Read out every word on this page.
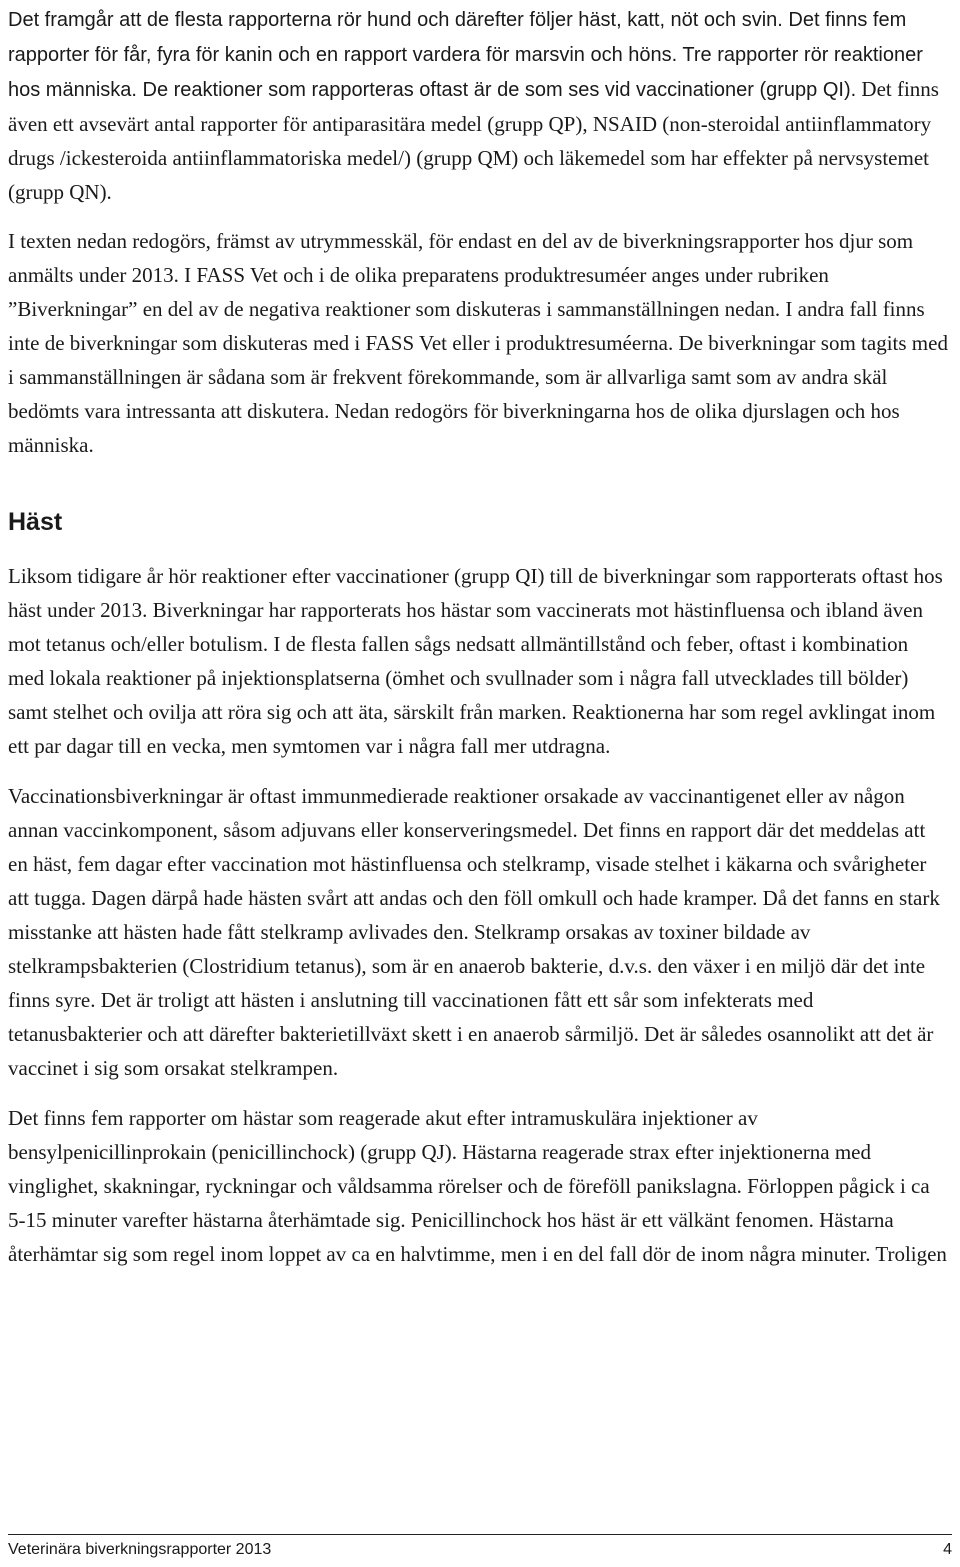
Det framgår att de flesta rapporterna rör hund och därefter följer häst, katt, nöt och svin. Det finns fem rapporter för får, fyra för kanin och en rapport vardera för marsvin och höns. Tre rapporter rör reaktioner hos människa. De reaktioner som rapporteras oftast är de som ses vid vaccinationer (grupp QI). Det finns även ett avsevärt antal rapporter för antiparasitära medel (grupp QP), NSAID (non-steroidal antiinflammatory drugs /ickesteroida antiinflammatoriska medel/) (grupp QM) och läkemedel som har effekter på nervsystemet (grupp QN).

I texten nedan redogörs, främst av utrymmesskäl, för endast en del av de biverkningsrapporter hos djur som anmälts under 2013. I FASS Vet och i de olika preparatens produktresuméer anges under rubriken ”Biverkningar” en del av de negativa reaktioner som diskuteras i sammanställningen nedan. I andra fall finns inte de biverkningar som diskuteras med i FASS Vet eller i produktresuméerna. De biverkningar som tagits med i sammanställningen är sådana som är frekvent förekommande, som är allvarliga samt som av andra skäl bedömts vara intressanta att diskutera. Nedan redogörs för biverkningarna hos de olika djurslagen och hos människa.

Häst

Liksom tidigare år hör reaktioner efter vaccinationer (grupp QI) till de biverkningar som rapporterats oftast hos häst under 2013. Biverkningar har rapporterats hos hästar som vaccinerats mot hästinfluensa och ibland även mot tetanus och/eller botulism. I de flesta fallen sågs nedsatt allmäntillstånd och feber, oftast i kombination med lokala reaktioner på injektionsplatserna (ömhet och svullnader som i några fall utvecklades till bölder) samt stelhet och ovilja att röra sig och att äta, särskilt från marken. Reaktionerna har som regel avklingat inom ett par dagar till en vecka, men symtomen var i några fall mer utdragna.

Vaccinationsbiverkningar är oftast immunmedierade reaktioner orsakade av vaccinantigenet eller av någon annan vaccinkomponent, såsom adjuvans eller konserveringsmedel. Det finns en rapport där det meddelas att en häst, fem dagar efter vaccination mot hästinfluensa och stelkramp, visade stelhet i käkarna och svårigheter att tugga. Dagen därpå hade hästen svårt att andas och den föll omkull och hade kramper. Då det fanns en stark misstanke att hästen hade fått stelkramp avlivades den. Stelkramp orsakas av toxiner bildade av stelkrampsbakterien (Clostridium tetanus), som är en anaerob bakterie, d.v.s. den växer i en miljö där det inte finns syre. Det är troligt att hästen i anslutning till vaccinationen fått ett sår som infekterats med tetanusbakterier och att därefter bakterietillväxt skett i en anaerob sårmiljö. Det är således osannolikt att det är vaccinet i sig som orsakat stelkrampen.

Det finns fem rapporter om hästar som reagerade akut efter intramuskulära injektioner av bensylpenicillinprokain (penicillinchock) (grupp QJ). Hästarna reagerade strax efter injektionerna med vinglighet, skakningar, ryckningar och våldsamma rörelser och de föreföll panikslagna. Förloppen pågick i ca 5-15 minuter varefter hästarna återhämtade sig. Penicillinchock hos häst är ett välkänt fenomen. Hästarna återhämtar sig som regel inom loppet av ca en halvtimme, men i en del fall dör de inom några minuter. Troligen

Veterinära biverkningsrapporter 2013	4
